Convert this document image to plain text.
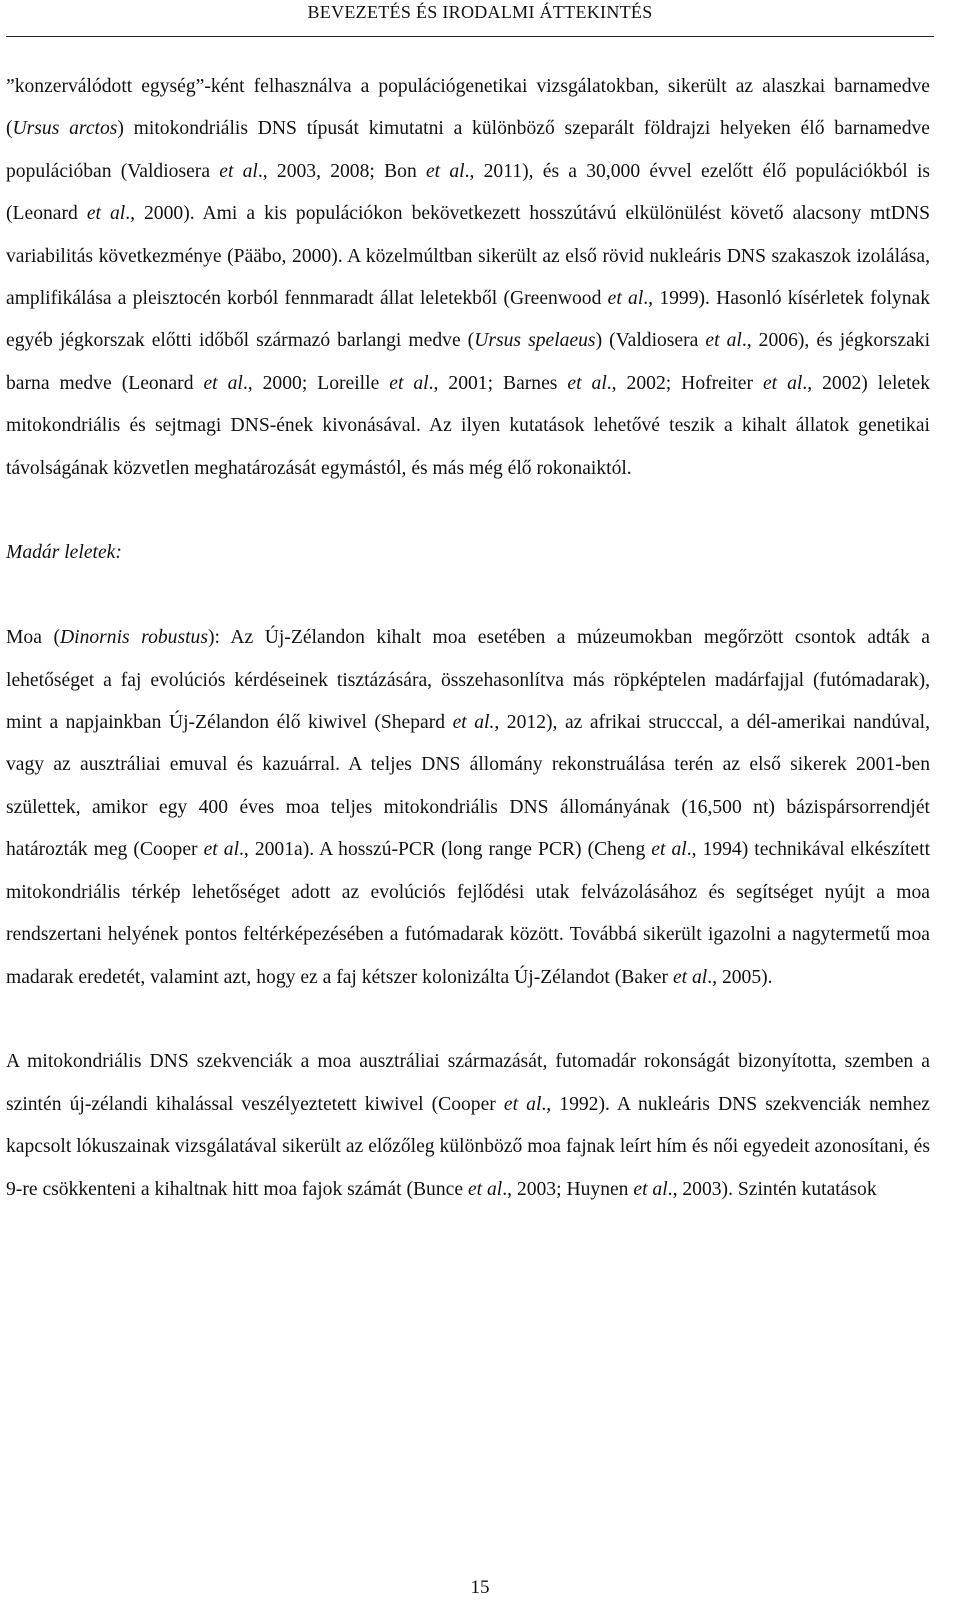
BEVEZETÉS ÉS IRODALMI ÁTTEKINTÉS

”konzerválódott egység”-ként felhasználva a populációgenetikai vizsgálatokban, sikerült az alaszkai barnamedve (Ursus arctos) mitokondriális DNS típusát kimutatni a különböző szeparált földrajzi helyeken élő barnamedve populációban (Valdiosera et al., 2003, 2008; Bon et al., 2011), és a 30,000 évvel ezelőtt élő populációkból is (Leonard et al., 2000). Ami a kis populációkon bekövetkezett hosszútávú elkülönülést követő alacsony mtDNS variabilitás következménye (Pääbo, 2000). A közelmúltban sikerült az első rövid nukleáris DNS szakaszok izolálása, amplifikálása a pleisztocén korból fennmaradt állat leletekből (Greenwood et al., 1999). Hasonló kísérletek folynak egyéb jégkorszak előtti időből származó barlangi medve (Ursus spelaeus) (Valdiosera et al., 2006), és jégkorszaki barna medve (Leonard et al., 2000; Loreille et al., 2001; Barnes et al., 2002; Hofreiter et al., 2002) leletek mitokondriális és sejtmagi DNS-ének kivonásával. Az ilyen kutatások lehetővé teszik a kihalt állatok genetikai távolságának közvetlen meghatározását egymástól, és más még élő rokonaiktól.

Madár leletek:

Moa (Dinornis robustus): Az Új-Zélandon kihalt moa esetében a múzeumokban megőrzött csontok adták a lehetőséget a faj evolúciós kérdéseinek tisztázására, összehasonlítva más röpképtelen madárfajjal (futómadarak), mint a napjainkban Új-Zélandon élő kiwivel (Shepard et al., 2012), az afrikai strucccal, a dél-amerikai nandúval, vagy az ausztráliai emuval és kazuárral. A teljes DNS állomány rekonstruálása terén az első sikerek 2001-ben születtek, amikor egy 400 éves moa teljes mitokondriális DNS állományának (16,500 nt) bázispársorrendjét határozták meg (Cooper et al., 2001a). A hosszú-PCR (long range PCR) (Cheng et al., 1994) technikával elkészített mitokondriális térkép lehetőséget adott az evolúciós fejlődési utak felvázolásához és segítséget nyújt a moa rendszertani helyének pontos feltérképezésében a futómadarak között. Továbbá sikerült igazolni a nagytermetű moa madarak eredetét, valamint azt, hogy ez a faj kétszer kolonizálta Új-Zélandot (Baker et al., 2005).

A mitokondriális DNS szekvenciák a moa ausztráliai származását, futomadár rokonságát bizonyította, szemben a szintén új-zélandi kihalással veszélyeztetett kiwivel (Cooper et al., 1992). A nukleáris DNS szekvenciák nemhez kapcsolt lókuszainak vizsgálatával sikerült az előzőleg különböző moa fajnak leírt hím és női egyedeit azonosítani, és 9-re csökkenteni a kihaltnak hitt moa fajok számát (Bunce et al., 2003; Huynen et al., 2003). Szintén kutatások

15
